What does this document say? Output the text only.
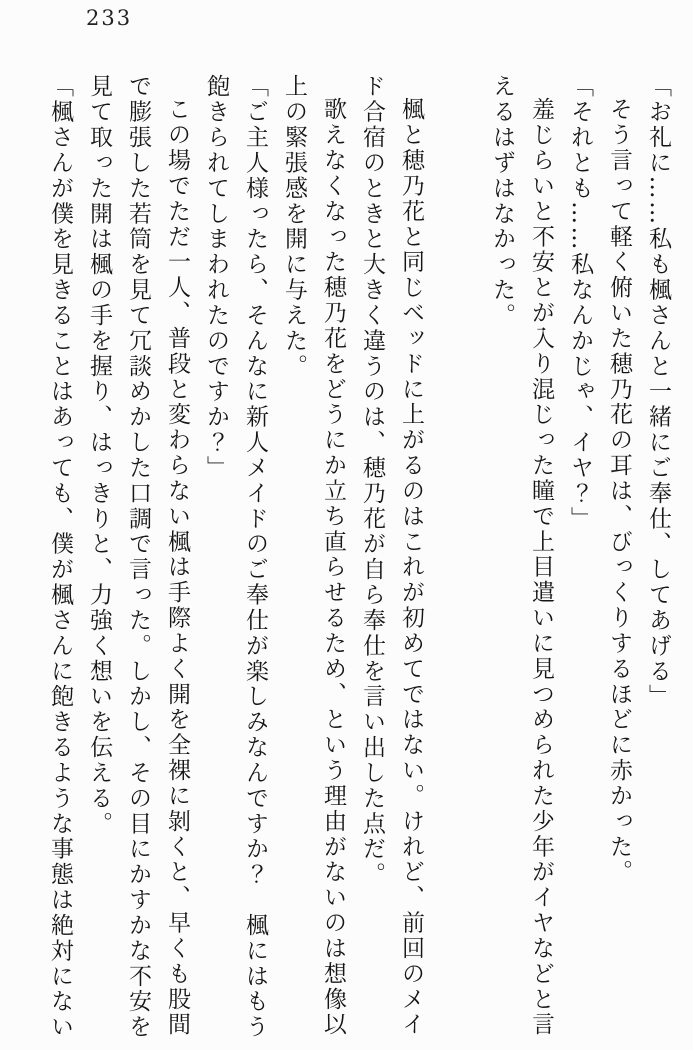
233

「お礼に……私も楓さんと一緒にご奉仕、してあげる」

そう言って軽く俯いた穂乃花の耳は、びっくりするほどに赤かった。

「それとも……私なんかじゃ、イヤ？」

羞じらいと不安とが入り混じった瞳で上目遣いに見つめられた少年がイヤなどと言えるはずはなかった。

楓と穂乃花と同じベッドに上がるのはこれが初めてではない。けれど、前回のメイド合宿のときと大きく違うのは、穂乃花が自ら奉仕を言い出した点だ。

歌えなくなった穂乃花をどうにか立ち直らせるため、という理由がないのは想像以上の緊張感を開に与えた。

「ご主人様ったら、そんなに新人メイドのご奉仕が楽しみなんですか？　楓にはもう飽きられてしまわれたのですか？」

この場でただ一人、普段と変わらない楓は手際よく開を全裸に剝くと、早くも股間で膨張した若筒を見て冗談めかした口調で言った。しかし、その目にかすかな不安を見て取った開は楓の手を握り、はっきりと、力強く想いを伝える。

「楓さんが僕を見きることはあっても、僕が楓さんに飽きるような事態は絶対にない
